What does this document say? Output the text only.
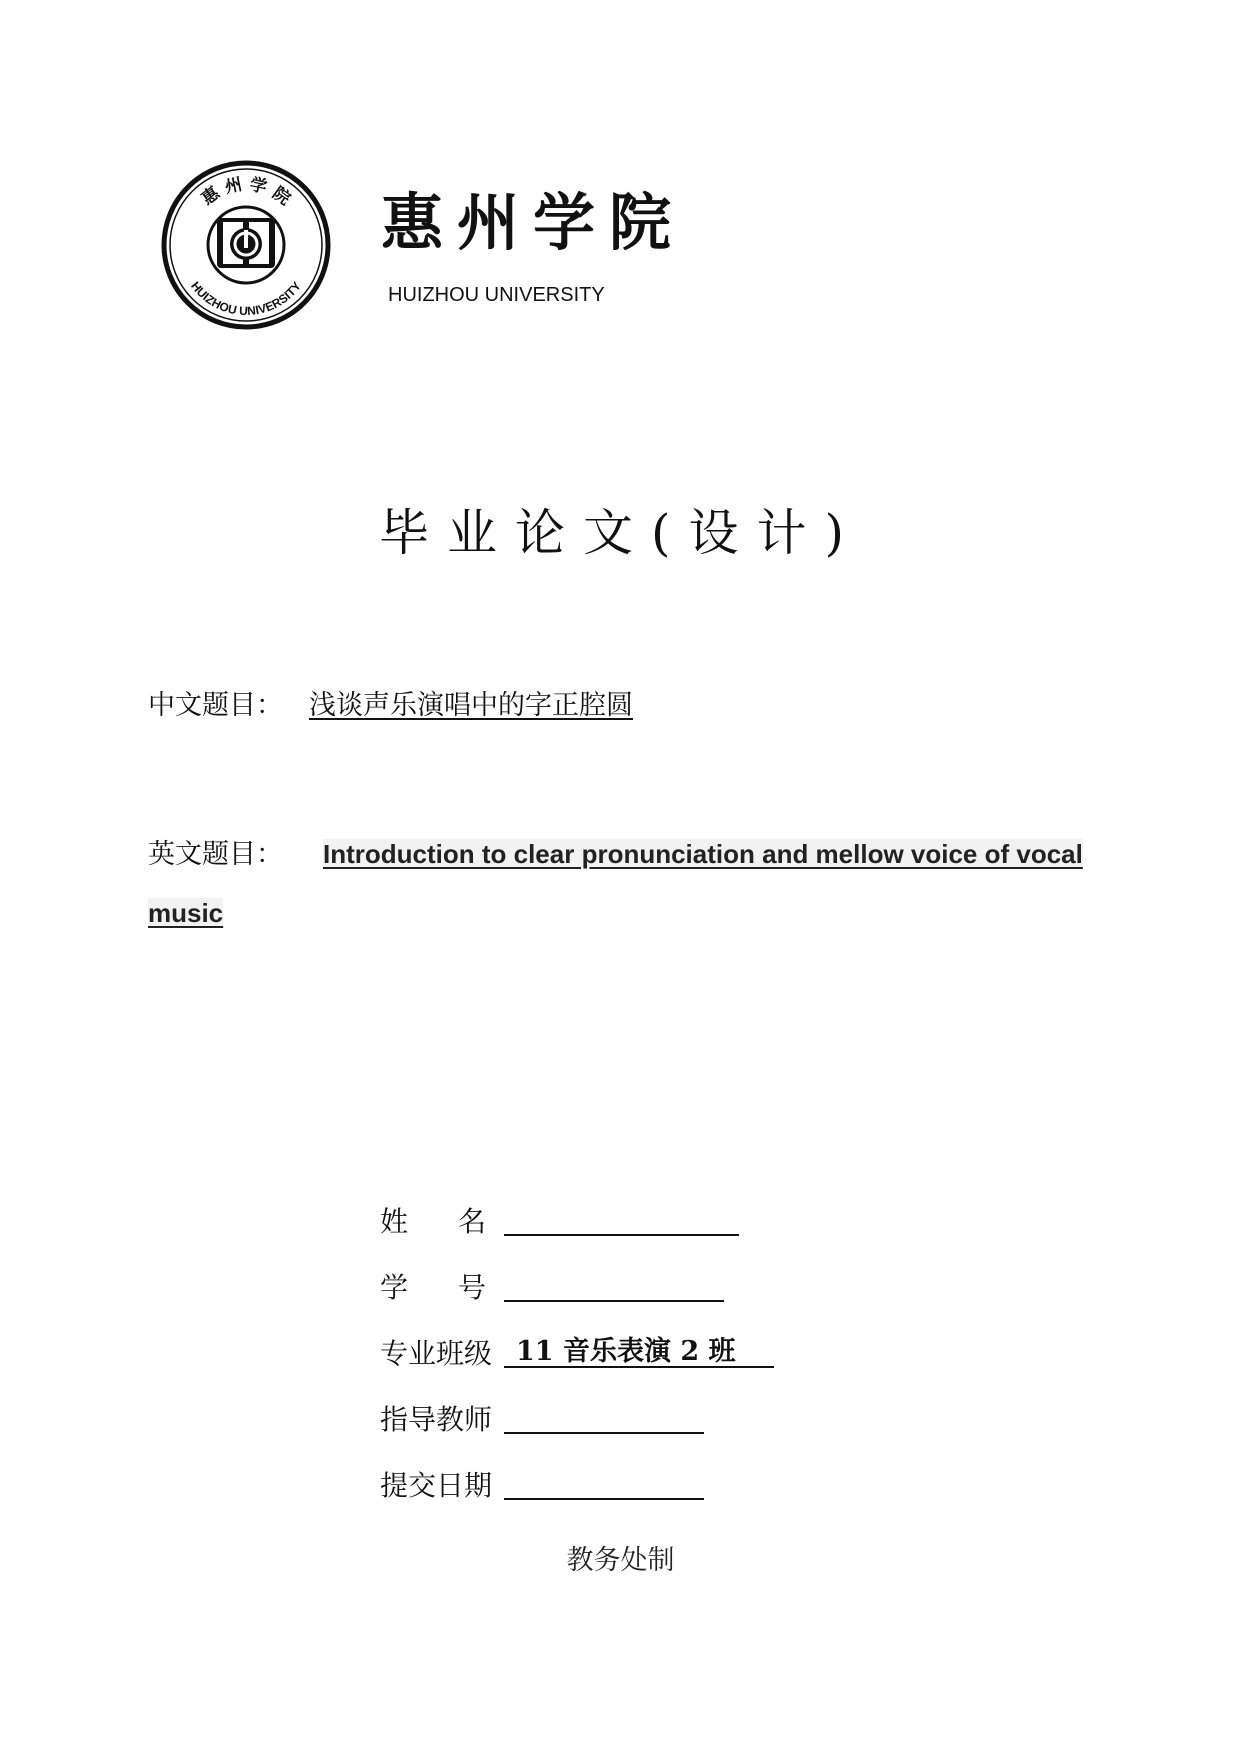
惠 州 学 院
HUIZHOU UNIVERSITY
惠州学院
HUIZHOU UNIVERSITY
毕业论文(设计)
中文题目： 浅谈声乐演唱中的字正腔圆
英文题目： Introduction to clear pronunciation and mellow voice of vocal music
姓名
学号
专业班级 11 音乐表演 2 班
指导教师
提交日期
教务处制
